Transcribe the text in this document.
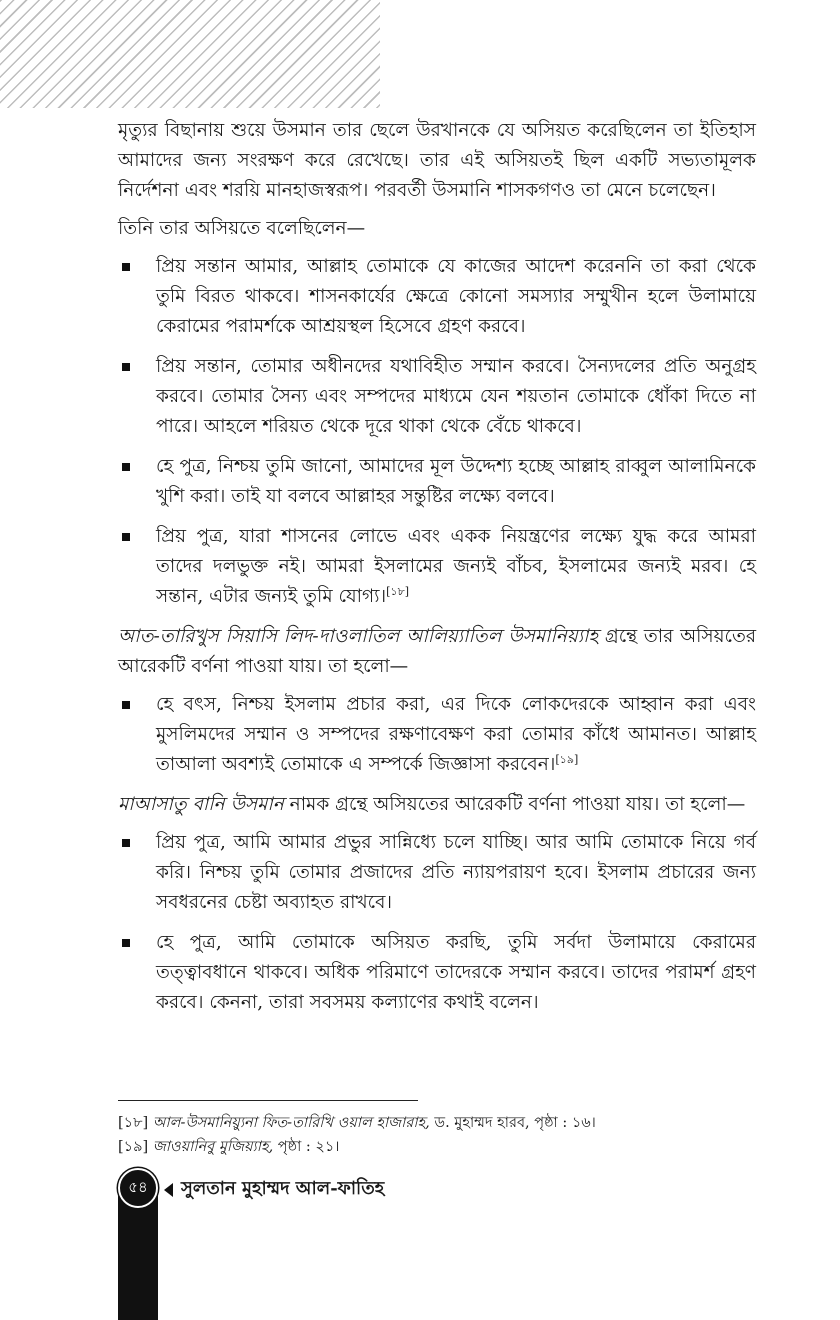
মৃত্যুর বিছানায় শুয়ে উসমান তার ছেলে উরখানকে যে অসিয়ত করেছিলেন তা ইতিহাস আমাদের জন্য সংরক্ষণ করে রেখেছে। তার এই অসিয়তই ছিল একটি সভ্যতামূলক নির্দেশনা এবং শরয়ি মানহাজস্বরূপ। পরবর্তী উসমানি শাসকগণও তা মেনে চলেছেন।

তিনি তার অসিয়তে বলেছিলেন—

প্রিয় সন্তান আমার, আল্লাহ তোমাকে যে কাজের আদেশ করেননি তা করা থেকে তুমি বিরত থাকবে। শাসনকার্যের ক্ষেত্রে কোনো সমস্যার সম্মুখীন হলে উলামায়ে কেরামের পরামর্শকে আশ্রয়স্থল হিসেবে গ্রহণ করবে।
প্রিয় সন্তান, তোমার অধীনদের যথাবিহীত সম্মান করবে। সৈন্যদলের প্রতি অনুগ্রহ করবে। তোমার সৈন্য এবং সম্পদের মাধ্যমে যেন শয়তান তোমাকে ধোঁকা দিতে না পারে। আহলে শরিয়ত থেকে দূরে থাকা থেকে বেঁচে থাকবে।
হে পুত্র, নিশ্চয় তুমি জানো, আমাদের মূল উদ্দেশ্য হচ্ছে আল্লাহ রাব্বুল আলামিনকে খুশি করা। তাই যা বলবে আল্লাহর সন্তুষ্টির লক্ষ্যে বলবে।
প্রিয় পুত্র, যারা শাসনের লোভে এবং একক নিয়ন্ত্রণের লক্ষ্যে যুদ্ধ করে আমরা তাদের দলভুক্ত নই। আমরা ইসলামের জন্যই বাঁচব, ইসলামের জন্যই মরব। হে সন্তান, এটার জন্যই তুমি যোগ্য।[১৮]

আত-তারিখুস সিয়াসি লিদ-দাওলাতিল আলিয়্যাতিল উসমানিয়্যাহ গ্রন্থে তার অসিয়তের আরেকটি বর্ণনা পাওয়া যায়। তা হলো—

হে বৎস, নিশ্চয় ইসলাম প্রচার করা, এর দিকে লোকদেরকে আহ্বান করা এবং মুসলিমদের সম্মান ও সম্পদের রক্ষণাবেক্ষণ করা তোমার কাঁধে আমানত। আল্লাহ তাআলা অবশ্যই তোমাকে এ সম্পর্কে জিজ্ঞাসা করবেন।[১৯]

মাআসাতু বানি উসমান নামক গ্রন্থে অসিয়তের আরেকটি বর্ণনা পাওয়া যায়। তা হলো—

প্রিয় পুত্র, আমি আমার প্রভুর সান্নিধ্যে চলে যাচ্ছি। আর আমি তোমাকে নিয়ে গর্ব করি। নিশ্চয় তুমি তোমার প্রজাদের প্রতি ন্যায়পরায়ণ হবে। ইসলাম প্রচারের জন্য সবধরনের চেষ্টা অব্যাহত রাখবে।
হে পুত্র, আমি তোমাকে অসিয়ত করছি, তুমি সর্বদা উলামায়ে কেরামের তত্ত্বাবধানে থাকবে। অধিক পরিমাণে তাদেরকে সম্মান করবে। তাদের পরামর্শ গ্রহণ করবে। কেননা, তারা সবসময় কল্যাণের কথাই বলেন।
[১৮] আল-উসমানিয়্যুনা ফিত-তারিখি ওয়াল হাজারাহ, ড. মুহাম্মদ হারব, পৃষ্ঠা : ১৬।
[১৯] জাওয়ানিবু মুজিয়্যাহ, পৃষ্ঠা : ২১।
৫৪	সুলতান মুহাম্মদ আল-ফাতিহ
